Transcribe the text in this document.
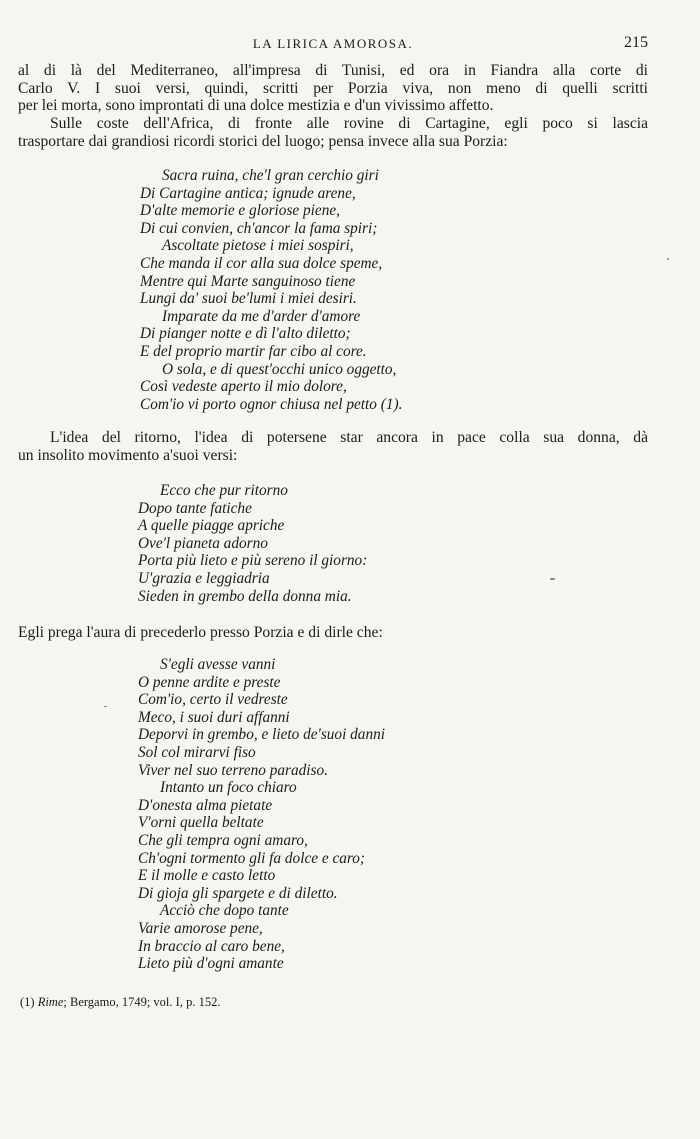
LA LIRICA AMOROSA.	215
al di là del Mediterraneo, all'impresa di Tunisi, ed ora in Fiandra alla corte di
Carlo V. I suoi versi, quindi, scritti per Porzia viva, non meno di quelli scritti
per lei morta, sono improntati di una dolce mestizia e d'un vivissimo affetto.
Sulle coste dell'Africa, di fronte alle rovine di Cartagine, egli poco si lascia
trasportare dai grandiosi ricordi storici del luogo; pensa invece alla sua Porzia:
Sacra ruina, che'l gran cerchio giri
Di Cartagine antica; ignude arene,
D'alte memorie e gloriose piene,
Di cui convien, ch'ancor la fama spiri;
Ascoltate pietose i miei sospiri,
Che manda il cor alla sua dolce speme,
Mentre qui Marte sanguinoso tiene
Lungi da' suoi be'lumi i miei desiri.
Imparate da me d'arder d'amore
Di pianger notte e dì l'alto diletto;
E del proprio martir far cibo al core.
O sola, e di quest'occhi unico oggetto,
Così vedeste aperto il mio dolore,
Com'io vi porto ognor chiusa nel petto (1).
L'idea del ritorno, l'idea di potersene star ancora in pace colla sua donna, dà
un insolito movimento a'suoi versi:
Ecco che pur ritorno
Dopo tante fatiche
A quelle piagge apriche
Ove'l pianeta adorno
Porta più lieto e più sereno il giorno:
U'grazia e leggiadria
Sieden in grembo della donna mia.
Egli prega l'aura di precederlo presso Porzia e di dirle che:
S'egli avesse vanni
O penne ardite e preste
Com'io, certo il vedreste
Meco, i suoi duri affanni
Deporvi in grembo, e lieto de'suoi danni
Sol col mirarvi fiso
Viver nel suo terreno paradiso.
Intanto un foco chiaro
D'onesta alma pietate
V'orni quella beltate
Che gli tempra ogni amaro,
Ch'ogni tormento gli fa dolce e caro;
E il molle e casto letto
Di gioja gli spargete e di diletto.
Acciò che dopo tante
Varie amorose pene,
In braccio al caro bene,
Lieto più d'ogni amante
(1) Rime; Bergamo, 1749; vol. I, p. 152.
